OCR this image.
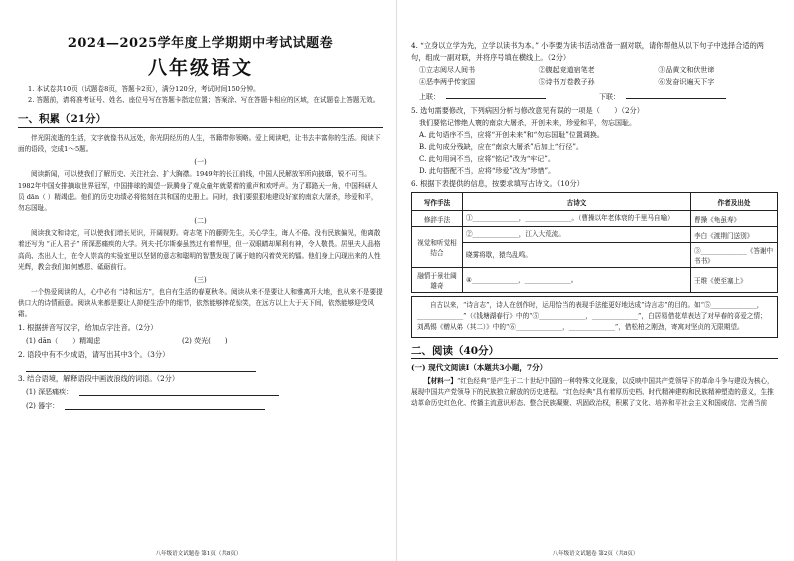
2024—2025学年度上学期期中考试试题卷
八年级语文

1. 本试卷共10页（试题卷8页，答题卡2页），满分120分，考试时间150分钟。

2. 答题前，请将准考证号、姓名、座位号写在答题卡指定位置；答案涂、写在答题卡相应的区域，在试题卷上答题无效。

一、积累（21分）

伴光阴流逝的生活，文字就像书从远处，你光阴经历的人生，书籍带你领略。爱上阅读吧，让书去丰富你的生活。阅读下面的语段，完成1～5题。

(一)

阅读新闻，可以使我们了解历史、关注社会、扩大胸襟。1949年的长江前线，中国人民解放军所向披靡，锐不可当。1982年中国女排摘取世界冠军，中国排球的渴望一跃腾身了观众童年就蒙着的重声和欢呼声。为了耶路天一角，中国科研人员 dān（ ）精竭虑。他们的历史功绩必将铭刻在共和国的史册上。同时，我们要狠狠地建设好家的南京大屠杀，珍爱和平，勿忘国耻。

(二)

阅读我文和诗定，可以使我们增长见识，开阔视野。奇志笔下的藤野先生，关心学生，诲人不倦。没有民族偏见，他离散着还写为 “正人君子” 所深恶痛疾的大学。列夫·托尔斯泰虽然过有着悍里，但一双眼睛却犀利有神，令人敬畏。居里夫人品格高尚、杰出人士，在令人崇高的实验室里以坚韧的意志和聪明的智慧发现了属于她的闪着荧光的镭。他们身上闪现出来的人性光辉，教会我们如何感恩、砥砺前行。

(三)

一个热爱阅读的人，心中必有 “诗和远方”，也自有生活的春夏秋冬。阅读从来不是要让人和雅离开大地，也从来不是要提供口大的诗情画意。阅读从来都是要让人抑便生活中的细节，依然能够捧花惊笑，在远方以上大于天下间，依然能够迎受风霜。

1. 根据拼音写汉字，给加点字注音。（2分）

(1) dān（　　）精竭虑	(2) 荧光(　　)

2. 语段中有不少成语，请写出其中3个。（3分）

3. 结合语境，解释语段中画波浪线的词语。（2分）

(1) 深恶痛疾：
(2) 器宇：
八年级语文试题卷 第1页（共8页）

4. “立身以立学为先，立学以读书为本。” 小李要为读书活动准备一副对联，请你帮他从以下句子中选择合适的两句，组成一副对联，并将序号填在横线上。（2分）

①立志阅尽人间书	②腹起竞道宿笔老	③品黄文和伏世谛
④恶李两乎传家国	⑤诗书万卷教子孙	⑥发奋识遍天下字
上联：	下联：

5. 选句需要修改，下列病因分析与修改意见有误的一项是（　　）（2分）

我们要铭记惨绝人寰的南京大屠杀，开创未来，珍爱和平，勿忘国耻。

A. 此句语序不当，应将“开创未来”和“勿忘国耻”位置调换。

B. 此句成分残缺，应在“南京大屠杀”后加上“行径”。

C. 此句用词不当，应将“铭记”改为“牢记”。

D. 此句搭配不当，应将“珍爱”改为“珍惜”。

6. 根据下表提供的信息，按要求填写古诗文。（10分）

写作手法	古诗文	作者及出处
修辞手法	①______________，______________。（曹操以年老体衰的千里马自喻）	曹操《龟虽寿》
视觉和听觉相结合	②______________，江入大荒流。	李白《渡荆门送别》
	晓雾将歇，猿鸟乱鸣。	③______________《答谢中书书》
融情于景壮阔雄奇	④______________，______________。	王维《使至塞上》
自古以来，“诗言志”，诗人在创作时，运用恰当的表现手法能更好地达成“诗言志”的目的。如“⑤______________，______________”（《钱塘湖春行》中的“⑤______________，______________”，白居易借花草表达了对早春的喜爱之情；刘禹锡《赠从弟（其二）》中的“⑥______________，______________”，借松柏之刚劲，寄寓对坚贞的无限期望。
二、阅读（40分）
(一) 现代文阅读Ⅰ（本题共3小题，7分）

【材料一】“红色经典”是产生于二十世纪中国的一种特殊文化现象，以反映中国共产党领导下的革命斗争与建设为核心，展现中国共产党领导下的民族独立解放的历史进程。“红色经典”具有着厚历史档、时代精神建构和民族精神塑造的意义，生推动革命历史红色化、传播主流意识形态、整合民族凝聚、巩固政治权，积累了文化、培养和平社会主义和国威信、完善当前

八年级语文试题卷 第2页（共8页）
